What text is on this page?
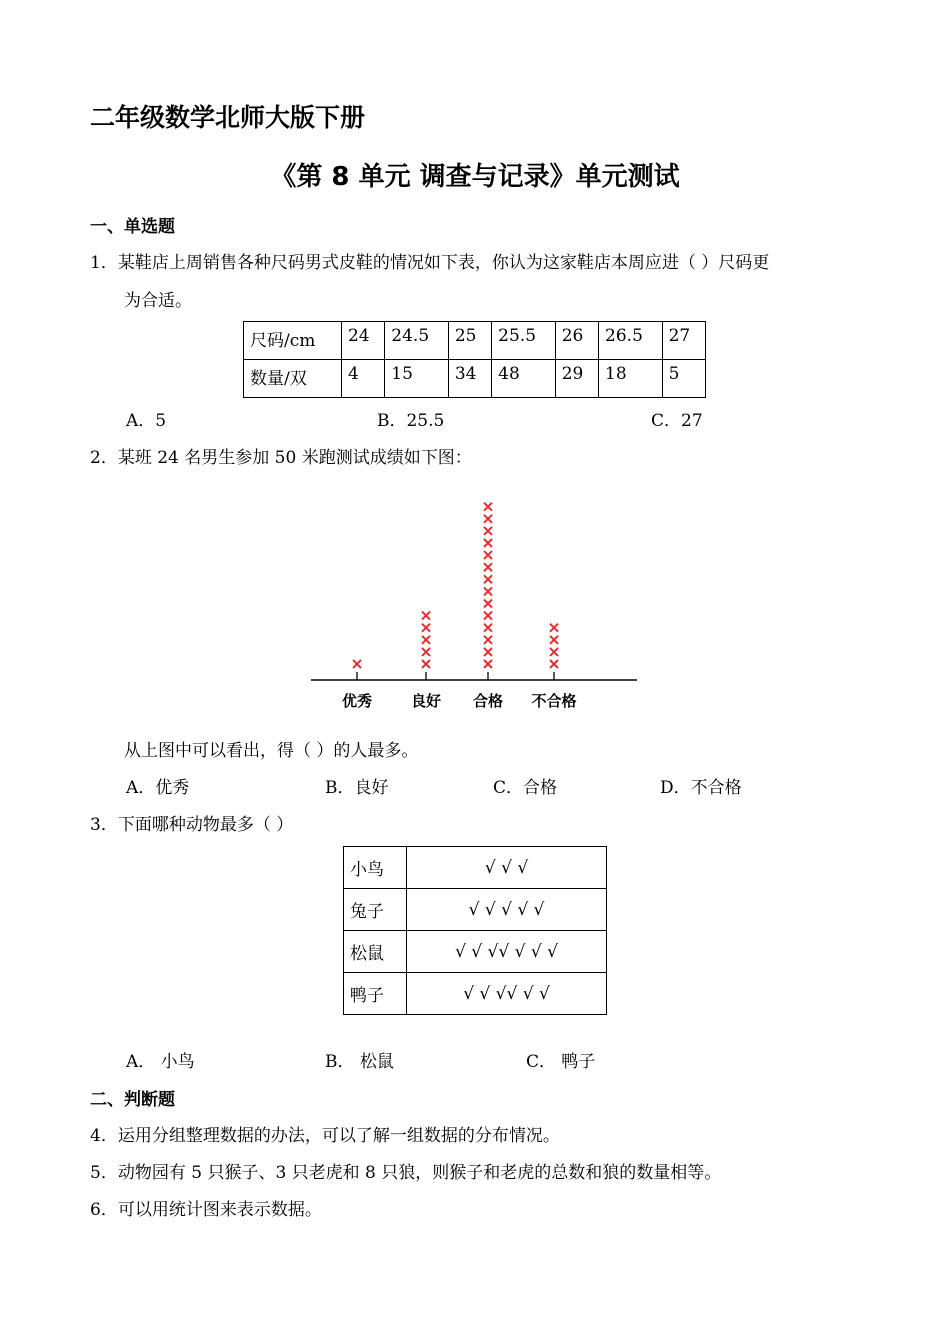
二年级数学北师大版下册
《第 8 单元 调查与记录》单元测试
一、单选题
1．某鞋店上周销售各种尺码男式皮鞋的情况如下表，你认为这家鞋店本周应进（ ）尺码更
为合适。
尺码/cm	24	24.5	25	25.5	26	26.5	27
数量/双	4	15	34	48	29	18	5
A．5	B．25.5	C．27
2．某班 24 名男生参加 50 米跑测试成绩如下图：
优秀	良好 合格 不合格
从上图中可以看出，得（ ）的人最多。
A．优秀	B．良好	C．合格	D．不合格
3．下面哪种动物最多（ ）
小鸟	√ √ √
兔子	√ √ √ √ √
松鼠	√ √ √√ √ √ √
鸭子	√ √ √√ √ √
A． 小鸟	B． 松鼠	C． 鸭子
二、判断题
4．运用分组整理数据的办法，可以了解一组数据的分布情况。
5．动物园有 5 只猴子、3 只老虎和 8 只狼，则猴子和老虎的总数和狼的数量相等。
6．可以用统计图来表示数据。
